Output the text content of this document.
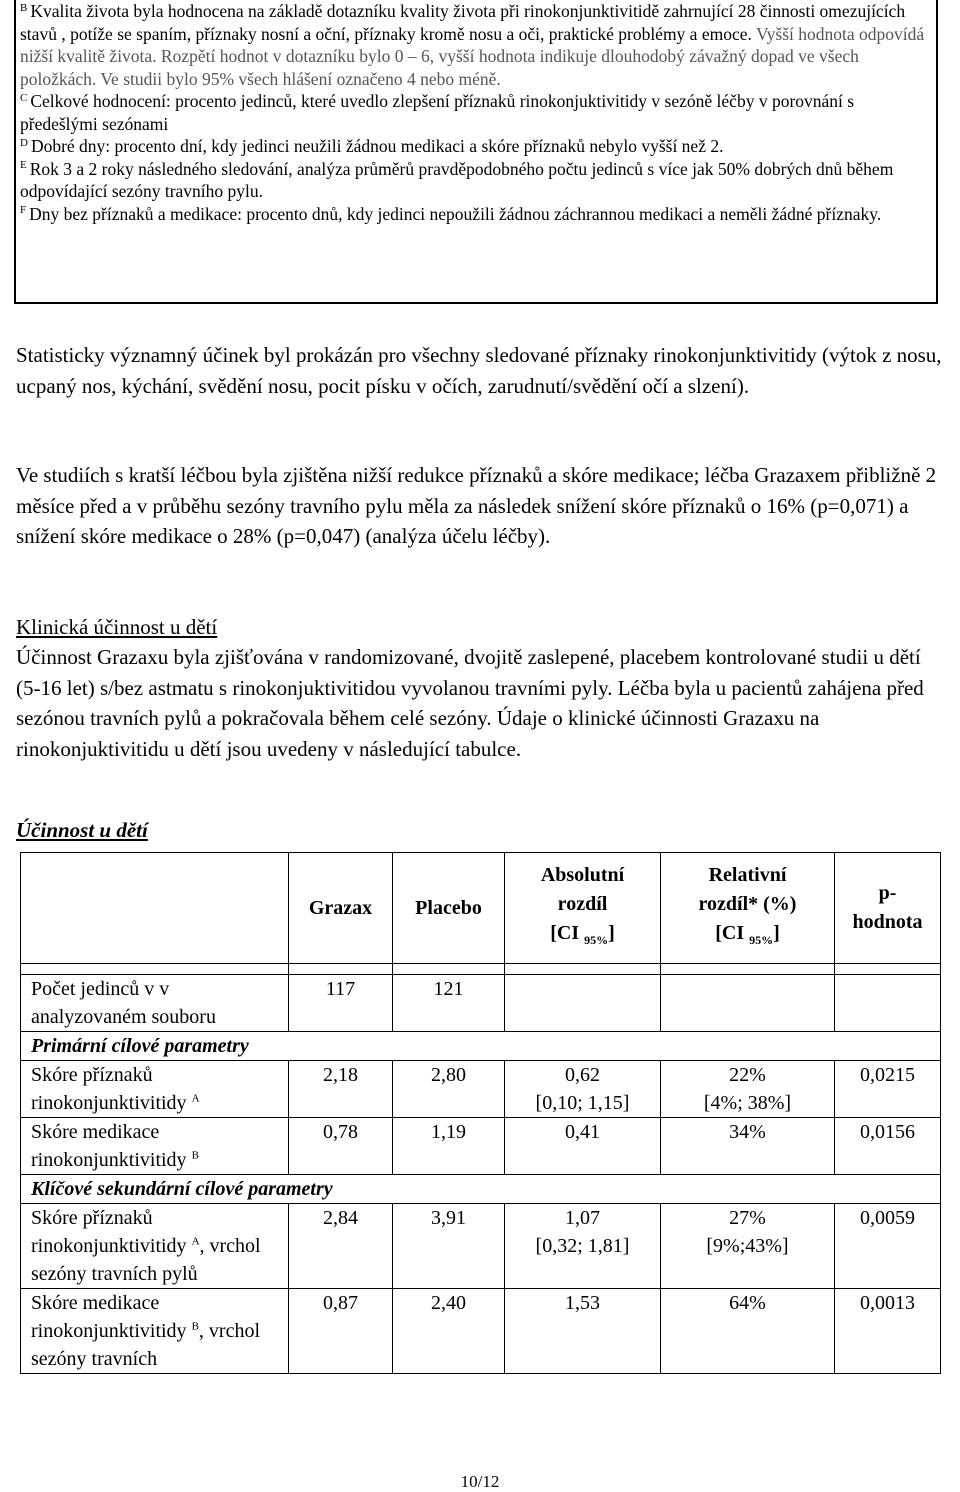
$^B$ Kvalita života byla hodnocena na základě dotazníku kvality života při rinokonjunktivitidě zahrnující 28 činnosti omezujících stavů , potíže se spaním, příznaky nosní a oční, příznaky kromě nosu a oči, praktické problémy a emoce. Vyšší hodnota odpovídá nižší kvalitě života. Rozpětí hodnot v dotazníku bylo 0 – 6, vyšší hodnota indikuje dlouhodobý závažný dopad ve všech položkách. Ve studii bylo 95% všech hlášení označeno 4 nebo méně.

$^C$ Celkové hodnocení: procento jedinců, které uvedlo zlepšení příznaků rinokonjuktivitidy v sezóně léčby v porovnání s předešlými sezónami

$^D$ Dobré dny: procento dní, kdy jedinci neužili žádnou medikaci a skóre příznaků nebylo vyšší než 2.

$^E$ Rok 3 a 2 roky následného sledování, analýza průměrů pravděpodobného počtu jedinců s více jak 50% dobrých dnů během odpovídající sezóny travního pylu.

$^F$ Dny bez příznaků a medikace: procento dnů, kdy jedinci nepoužili žádnou záchrannou medikaci a neměli žádné příznaky.

Statisticky významný účinek byl prokázán pro všechny sledované příznaky rinokonjunktivitidy (výtok z nosu, ucpaný nos, kýchání, svědění nosu, pocit písku v očích, zarudnutí/svědění očí a slzení).

Ve studiích s kratší léčbou byla zjištěna nižší redukce příznaků a skóre medikace; léčba Grazaxem přibližně 2 měsíce před a v průběhu sezóny travního pylu měla za následek snížení skóre příznaků o 16% (p=0,071) a snížení skóre medikace o 28% (p=0,047) (analýza účelu léčby).

Klinická účinnost u dětí

Účinnost Grazaxu byla zjišťována v randomizované, dvojitě zaslepené, placebem kontrolované studii u dětí (5-16 let) s/bez astmatu s rinokonjuktivitidou vyvolanou travními pyly. Léčba byla u pacientů zahájena před sezónou travních pylů a pokračovala během celé sezóny. Údaje o klinické účinnosti Grazaxu na rinokonjuktivitidu u dětí jsou uvedeny v následující tabulce.

Účinnost u dětí

	Grazax	Placebo	Absolutní
rozdíl
[CI $_{95\%}$]	Relativní
rozdíl* (%)
[CI $_{95\%}$]	p-
hodnota

Počet jedinců v v analyzovaném souboru	117	121			
Primární cílové parametry					
Skóre příznaků rinokonjunktivitidy $^A$	2,18	2,80	0,62
[0,10; 1,15]	22%
[4%; 38%]	0,0215
Skóre medikace rinokonjunktivitidy $^B$	0,78	1,19	0,41	34%	0,0156
Klíčové sekundární cílové parametry					
Skóre příznaků rinokonjunktivitidy $^A$, vrchol sezóny travních pylů	2,84	3,91	1,07
[0,32; 1,81]	27%
[9%;43%]	0,0059
Skóre medikace rinokonjunktivitidy $^B$, vrchol sezóny travních	0,87	2,40	1,53	64%	0,0013
10/12
